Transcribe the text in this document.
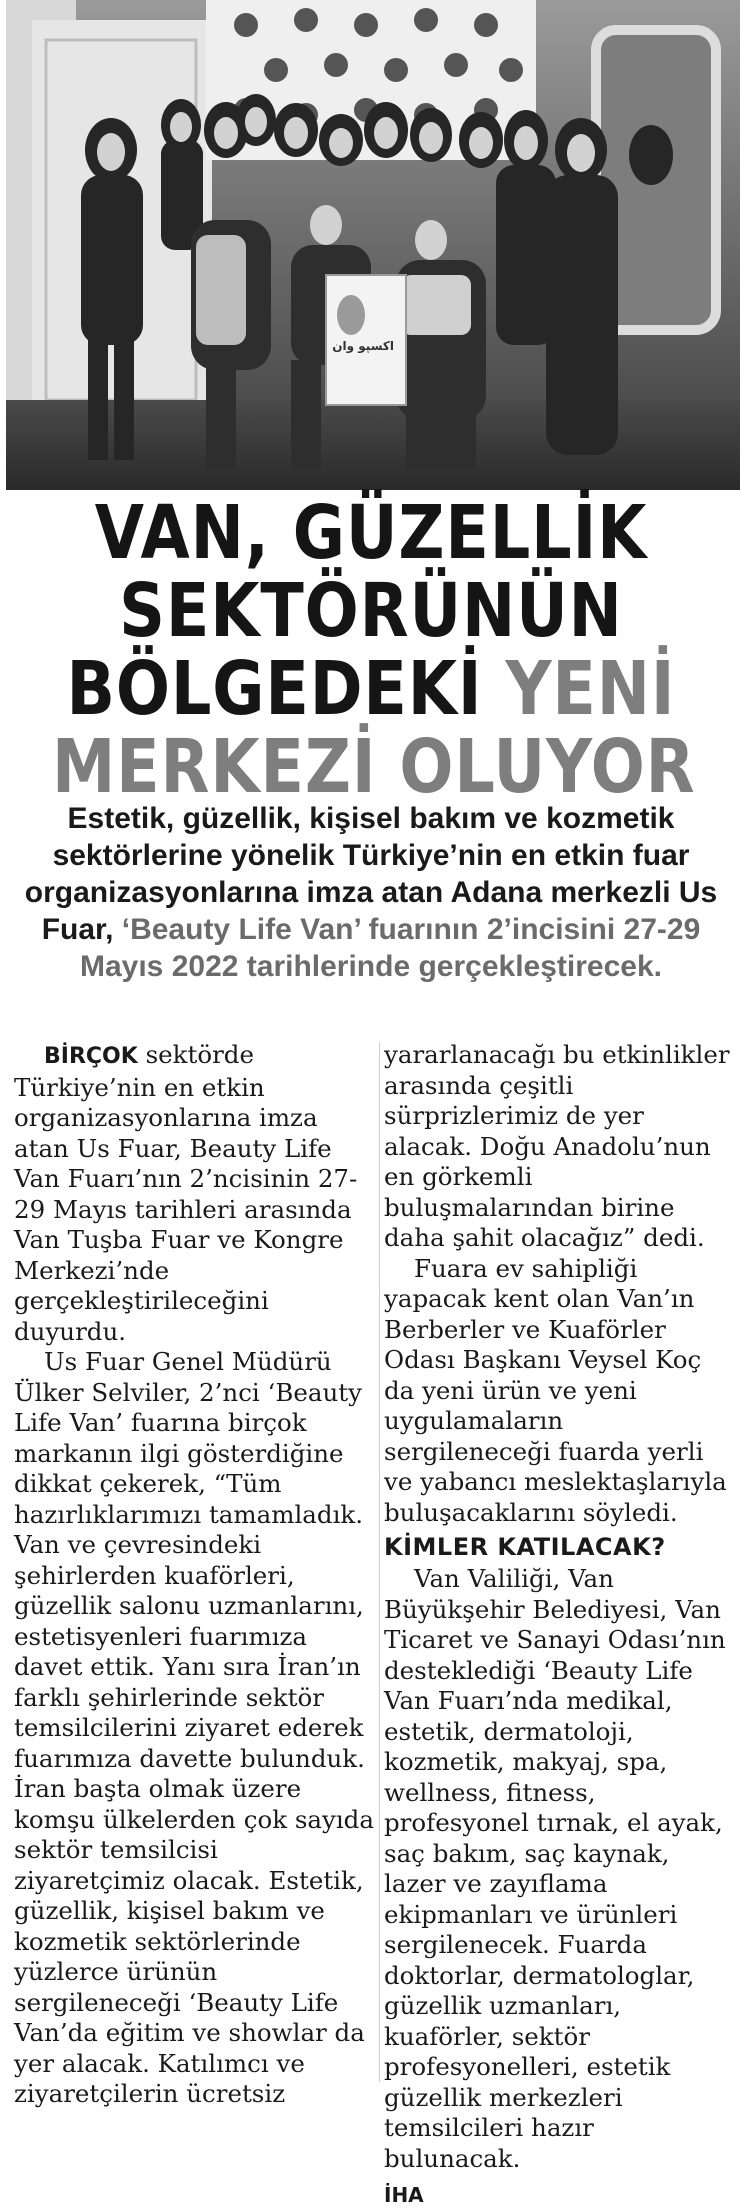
اکسپو وان
VAN, GÜZELLİK
SEKTÖRÜNÜN
BÖLGEDEKİ YENİ
MERKEZİ OLUYOR
Estetik, güzellik, kişisel bakım ve kozmetik sektörlerine yönelik Türkiye’nin en etkin fuar organizasyonlarına imza atan Adana merkezli Us Fuar, ‘Beauty Life Van’ fuarının 2’incisini 27-29 Mayıs 2022 tarihlerinde gerçekleştirecek.

BİRÇOK sektörde Türkiye’nin en etkin organizasyonlarına imza atan Us Fuar, Beauty Life Van Fuarı’nın 2’ncisinin 27-29 Mayıs tarihleri arasında Van Tuşba Fuar ve Kongre Merkezi’nde gerçekleştirileceğini duyurdu.

Us Fuar Genel Müdürü Ülker Selviler, 2’nci ‘Beauty Life Van’ fuarına birçok markanın ilgi gösterdiğine dikkat çekerek, “Tüm hazırlıklarımızı tamamladık. Van ve çevresindeki şehirlerden kuaförleri, güzellik salonu uzmanlarını, estetisyenleri fuarımıza davet ettik. Yanı sıra İran’ın farklı şehirlerinde sektör temsilcilerini ziyaret ederek fuarımıza davette bulunduk. İran başta olmak üzere komşu ülkelerden çok sayıda sektör temsilcisi ziyaretçimiz olacak. Estetik, güzellik, kişisel bakım ve kozmetik sektörlerinde yüzlerce ürünün sergileneceği ‘Beauty Life Van’da eğitim ve showlar da yer alacak. Katılımcı ve ziyaretçilerin ücretsiz

yararlanacağı bu etkinlikler arasında çeşitli sürprizlerimiz de yer alacak. Doğu Anadolu’nun en görkemli buluşmalarından birine daha şahit olacağız” dedi.

Fuara ev sahipliği yapacak kent olan Van’ın Berberler ve Kuaförler Odası Başkanı Veysel Koç da yeni ürün ve yeni uygulamaların sergileneceği fuarda yerli ve yabancı meslektaşlarıyla buluşacaklarını söyledi.

KİMLER KATILACAK?

Van Valiliği, Van Büyükşehir Belediyesi, Van Ticaret ve Sanayi Odası’nın desteklediği ‘Beauty Life Van Fuarı’nda medikal, estetik, dermatoloji, kozmetik, makyaj, spa, wellness, fitness, profesyonel tırnak, el ayak, saç bakım, saç kaynak, lazer ve zayıflama ekipmanları ve ürünleri sergilenecek. Fuarda doktorlar, dermatologlar, güzellik uzmanları, kuaförler, sektör profesyonelleri, estetik güzellik merkezleri temsilcileri hazır bulunacak.

İHA
